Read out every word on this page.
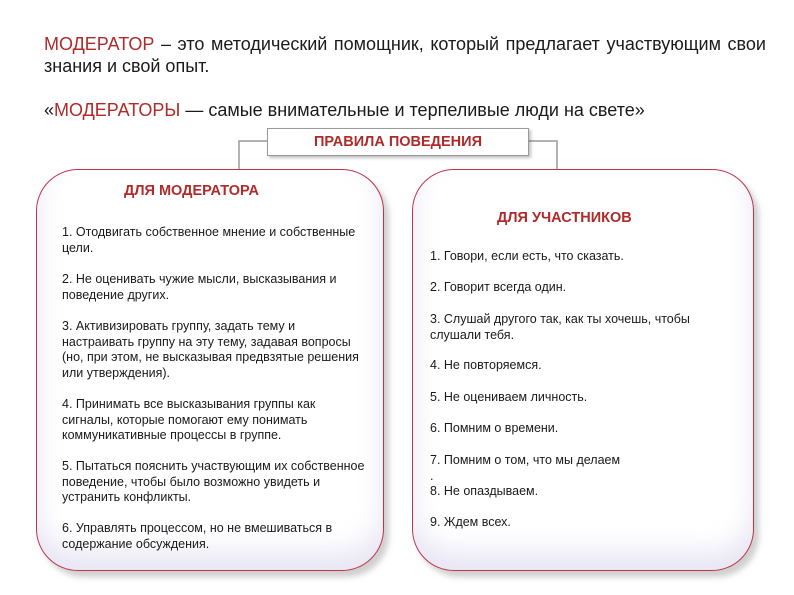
МОДЕРАТОР – это методический помощник, который предлагает участвующим свои знания и свой опыт.
«МОДЕРАТОРЫ — самые внимательные и терпеливые люди на свете»
ПРАВИЛА ПОВЕДЕНИЯ
ДЛЯ МОДЕРАТОРА
1. Отодвигать собственное мнение и собственные цели.
2. Не оценивать чужие мысли, высказывания и поведение других.
3. Активизировать группу, задать тему и настраивать группу на эту тему, задавая вопросы (но, при этом, не высказывая предвзятые решения или утверждения).
4. Принимать все высказывания группы как сигналы, которые помогают ему понимать коммуникативные процессы в группе.
5. Пытаться пояснить участвующим их собственное поведение, чтобы было возможно увидеть и устранить конфликты.
6. Управлять процессом, но не вмешиваться в содержание обсуждения.
ДЛЯ УЧАСТНИКОВ
1. Говори, если есть, что сказать.
2. Говорит всегда один.
3. Слушай другого так, как ты хочешь, чтобы слушали тебя.
4. Не повторяемся.
5. Не оцениваем личность.
6. Помним о времени.
7. Помним о том, что мы делаем
.
8. Не опаздываем.
9. Ждем всех.
